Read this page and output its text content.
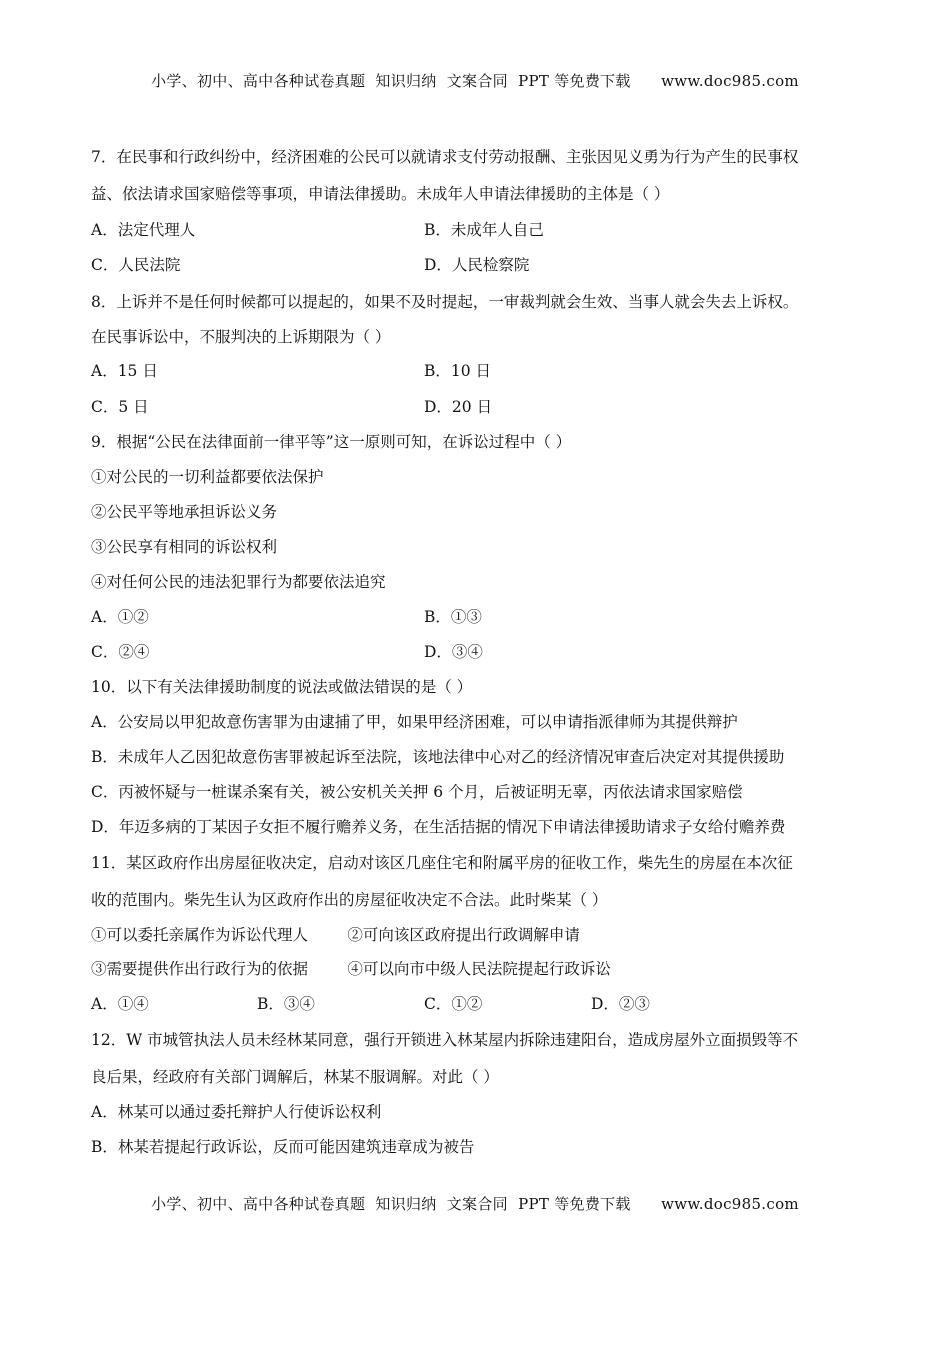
小学、初中、高中各种试卷真题  知识归纳  文案合同  PPT 等免费下载      www.doc985.com
7．在民事和行政纠纷中，经济困难的公民可以就请求支付劳动报酬、主张因见义勇为行为产生的民事权
益、依法请求国家赔偿等事项，申请法律援助。未成年人申请法律援助的主体是（ ）
A．法定代理人	B．未成年人自己
C．人民法院	D．人民检察院
8．上诉并不是任何时候都可以提起的，如果不及时提起，一审裁判就会生效、当事人就会失去上诉权。
在民事诉讼中，不服判决的上诉期限为（ ）
A．15 日	B．10 日
C．5 日	D．20 日
9．根据“公民在法律面前一律平等”这一原则可知，在诉讼过程中（ ）
①对公民的一切利益都要依法保护
②公民平等地承担诉讼义务
③公民享有相同的诉讼权利
④对任何公民的违法犯罪行为都要依法追究
A．①②	B．①③
C．②④	D．③④
10．以下有关法律援助制度的说法或做法错误的是（ ）
A．公安局以甲犯故意伤害罪为由逮捕了甲，如果甲经济困难，可以申请指派律师为其提供辩护
B．未成年人乙因犯故意伤害罪被起诉至法院，该地法律中心对乙的经济情况审查后决定对其提供援助
C．丙被怀疑与一桩谋杀案有关，被公安机关关押 6 个月，后被证明无辜，丙依法请求国家赔偿
D．年迈多病的丁某因子女拒不履行赡养义务，在生活拮据的情况下申请法律援助请求子女给付赡养费
11．某区政府作出房屋征收决定，启动对该区几座住宅和附属平房的征收工作，柴先生的房屋在本次征
收的范围内。柴先生认为区政府作出的房屋征收决定不合法。此时柴某（ ）
①可以委托亲属作为诉讼代理人        ②可向该区政府提出行政调解申请
③需要提供作出行政行为的依据        ④可以向市中级人民法院提起行政诉讼
A．①④	B．③④	C．①②	D．②③
12．W 市城管执法人员未经林某同意，强行开锁进入林某屋内拆除违建阳台，造成房屋外立面损毁等不
良后果，经政府有关部门调解后，林某不服调解。对此（ ）
A．林某可以通过委托辩护人行使诉讼权利
B．林某若提起行政诉讼，反而可能因建筑违章成为被告
小学、初中、高中各种试卷真题  知识归纳  文案合同  PPT 等免费下载      www.doc985.com
